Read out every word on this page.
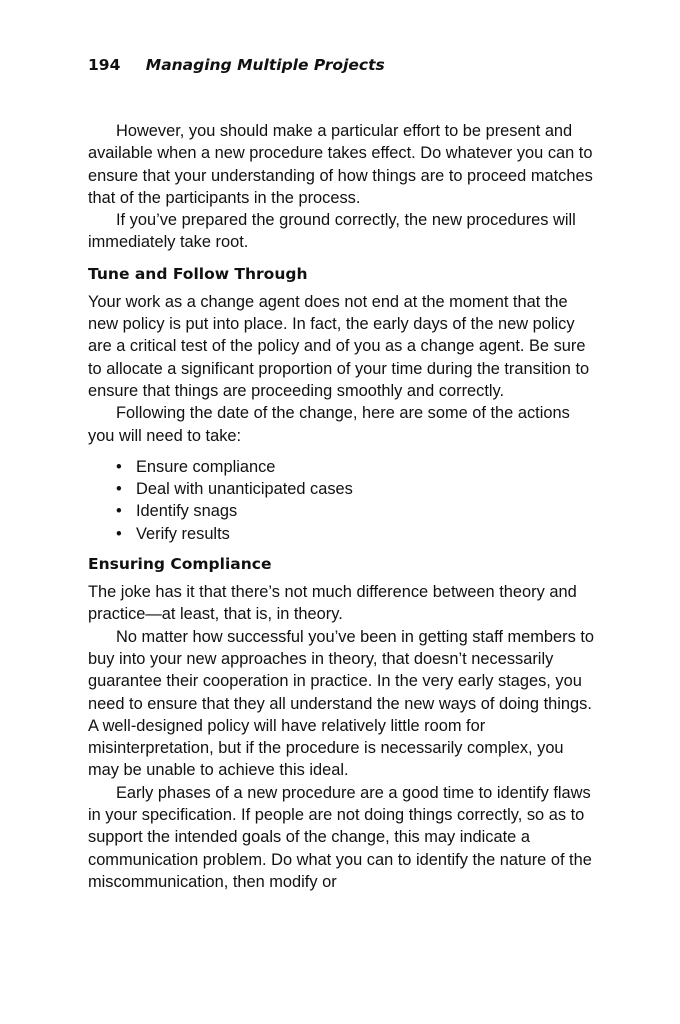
194 Managing Multiple Projects

However, you should make a particular effort to be present and available when a new procedure takes effect. Do whatever you can to ensure that your understanding of how things are to proceed matches that of the participants in the process.

If you’ve prepared the ground correctly, the new procedures will immediately take root.

Tune and Follow Through

Your work as a change agent does not end at the moment that the new policy is put into place. In fact, the early days of the new policy are a critical test of the policy and of you as a change agent. Be sure to allocate a significant proportion of your time during the transition to ensure that things are proceeding smoothly and correctly.

Following the date of the change, here are some of the actions you will need to take:

• Ensure compliance
• Deal with unanticipated cases
• Identify snags
• Verify results
Ensuring Compliance

The joke has it that there’s not much difference between theory and practice—at least, that is, in theory.

No matter how successful you’ve been in getting staff members to buy into your new approaches in theory, that doesn’t necessarily guarantee their cooperation in practice. In the very early stages, you need to ensure that they all understand the new ways of doing things. A well-designed policy will have relatively little room for misinterpretation, but if the procedure is necessarily complex, you may be unable to achieve this ideal.

Early phases of a new procedure are a good time to identify flaws in your specification. If people are not doing things correctly, so as to support the intended goals of the change, this may indicate a communication problem. Do what you can to identify the nature of the miscommunication, then modify or
